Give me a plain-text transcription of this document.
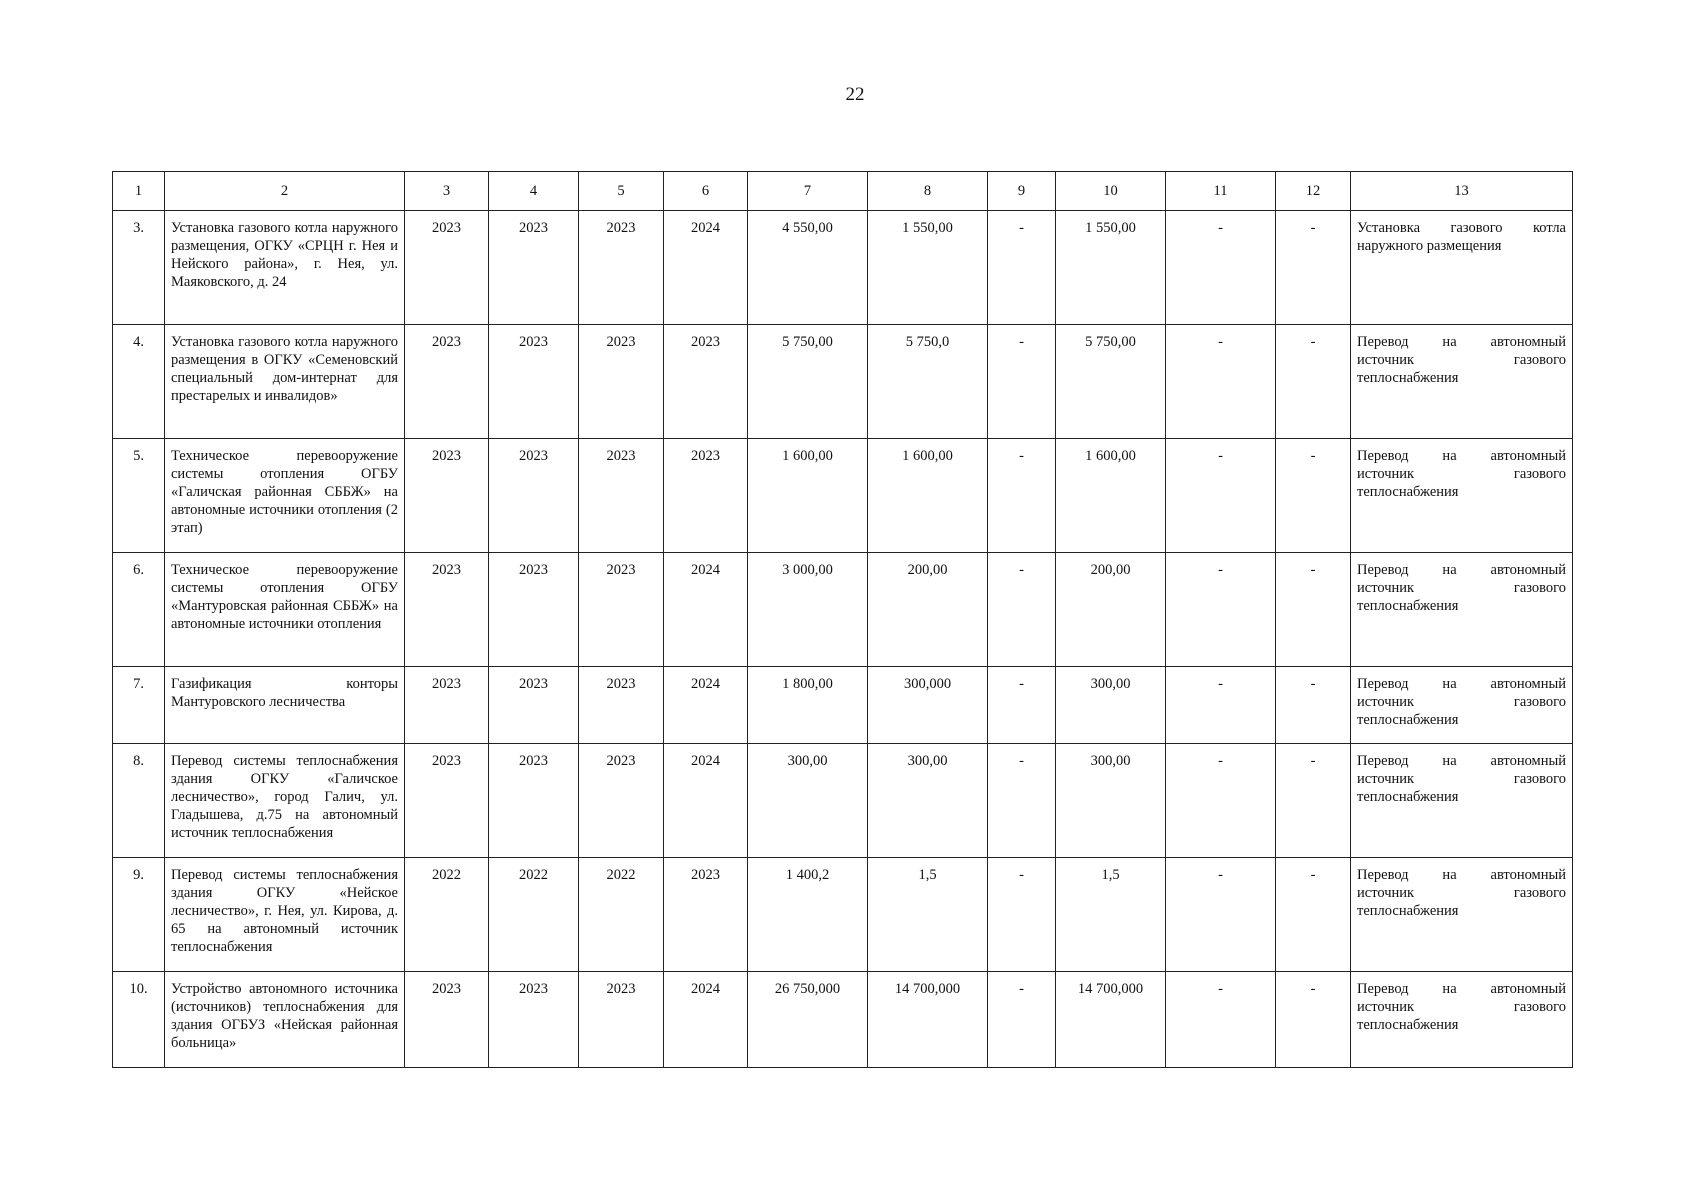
22
1	2	3	4	5	6	7	8	9	10	11	12	13
3.	Установка газового котла наружного размещения, ОГКУ «СРЦН г. Нея и Нейского района», г. Нея, ул. Маяковского, д. 24	2023	2023	2023	2024	4 550,00	1 550,00	-	1 550,00	-	-	Установка газового котла наружного размещения
4.	Установка газового котла наружного размещения в ОГКУ «Семеновский специальный дом-интернат для престарелых и инвалидов»	2023	2023	2023	2023	5 750,00	5 750,0	-	5 750,00	-	-	Перевод на автономный источник газового теплоснабжения
5.	Техническое перевооружение системы отопления ОГБУ «Галичская районная СББЖ» на автономные источники отопления (2 этап)	2023	2023	2023	2023	1 600,00	1 600,00	-	1 600,00	-	-	Перевод на автономный источник газового теплоснабжения
6.	Техническое перевооружение системы отопления ОГБУ «Мантуровская районная СББЖ» на автономные источники отопления	2023	2023	2023	2024	3 000,00	200,00	-	200,00	-	-	Перевод на автономный источник газового теплоснабжения
7.	Газификация конторы Мантуровского лесничества	2023	2023	2023	2024	1 800,00	300,000	-	300,00	-	-	Перевод на автономный источник газового теплоснабжения
8.	Перевод системы теплоснабжения здания ОГКУ «Галичское лесничество», город Галич, ул. Гладышева, д.75 на автономный источник теплоснабжения	2023	2023	2023	2024	300,00	300,00	-	300,00	-	-	Перевод на автономный источник газового теплоснабжения
9.	Перевод системы теплоснабжения здания ОГКУ «Нейское лесничество», г. Нея, ул. Кирова, д. 65 на автономный источник теплоснабжения	2022	2022	2022	2023	1 400,2	1,5	-	1,5	-	-	Перевод на автономный источник газового теплоснабжения
10.	Устройство автономного источника (источников) теплоснабжения для здания ОГБУЗ «Нейская районная больница»	2023	2023	2023	2024	26 750,000	14 700,000	-	14 700,000	-	-	Перевод на автономный источник газового теплоснабжения
